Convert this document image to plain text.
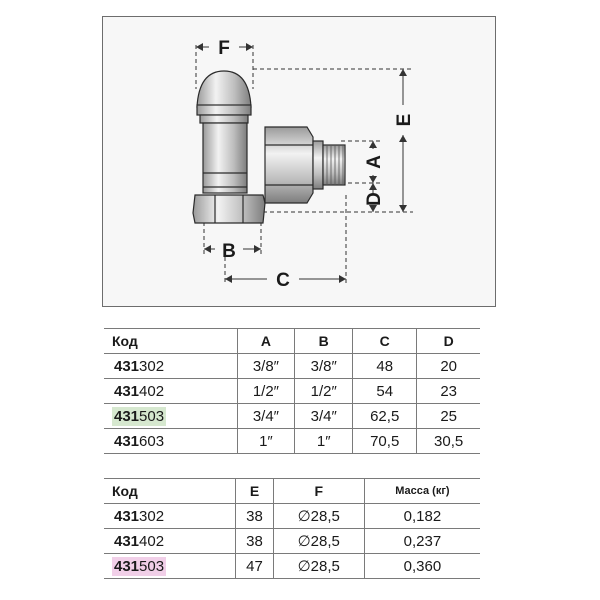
F
B
C
A
D
E
Код	A	B	C	D
431302	3/8″	3/8″	48	20
431402	1/2″	1/2″	54	23
431503	3/4″	3/4″	62,5	25
431603	1″	1″	70,5	30,5
Код	E	F	Масса (кг)
431302	38	∅28,5	0,182
431402	38	∅28,5	0,237
431503	47	∅28,5	0,360
